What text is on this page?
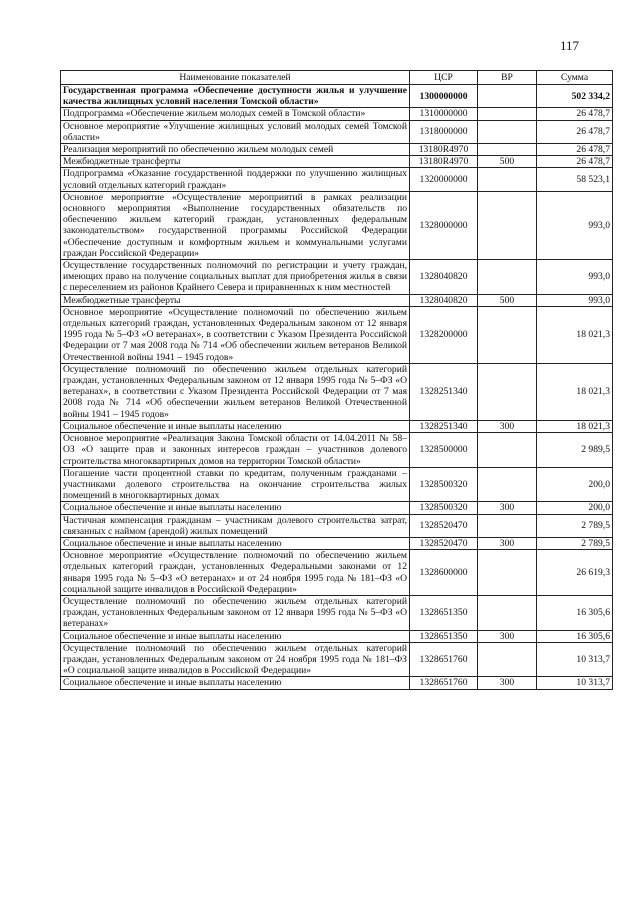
117
Наименование показателей	ЦСР	ВР	Сумма
Государственная программа «Обеспечение доступности жилья и улучшение качества жилищных условий населения Томской области»	1300000000		502 334,2
Подпрограмма «Обеспечение жильем молодых семей в Томской области»	1310000000		26 478,7
Основное мероприятие «Улучшение жилищных условий молодых семей Томской области»	1318000000		26 478,7
Реализация мероприятий по обеспечению жильем молодых семей	13180R4970		26 478,7
Межбюджетные трансферты	13180R4970	500	26 478,7
Подпрограмма «Оказание государственной поддержки по улучшению жилищных условий отдельных категорий граждан»	1320000000		58 523,1
Основное мероприятие «Осуществление мероприятий в рамках реализации основного мероприятия «Выполнение государственных обязательств по обеспечению жильем категорий граждан, установленных федеральным законодательством» государственной программы Российской Федерации «Обеспечение доступным и комфортным жильем и коммунальными услугами граждан Российской Федерации»	1328000000		993,0
Осуществление государственных полномочий по регистрации и учету граждан, имеющих право на получение социальных выплат для приобретения жилья в связи с переселением из районов Крайнего Севера и приравненных к ним местностей	1328040820		993,0
Межбюджетные трансферты	1328040820	500	993,0
Основное мероприятие «Осуществление полномочий по обеспечению жильем отдельных категорий граждан, установленных Федеральным законом от 12 января 1995 года № 5–ФЗ «О ветеранах», в соответствии с Указом Президента Российской Федерации от 7 мая 2008 года № 714 «Об обеспечении жильем ветеранов Великой Отечественной войны 1941 – 1945 годов»	1328200000		18 021,3
Осуществление полномочий по обеспечению жильем отдельных категорий граждан, установленных Федеральным законом от 12 января 1995 года № 5–ФЗ «О ветеранах», в соответствии с Указом Президента Российской Федерации от 7 мая 2008 года № 714 «Об обеспечении жильем ветеранов Великой Отечественной войны 1941 – 1945 годов»	1328251340		18 021,3
Социальное обеспечение и иные выплаты населению	1328251340	300	18 021,3
Основное мероприятие «Реализация Закона Томской области от 14.04.2011 № 58–ОЗ «О защите прав и законных интересов граждан – участников долевого строительства многоквартирных домов на территории Томской области»	1328500000		2 989,5
Погашение части процентной ставки по кредитам, полученным гражданами – участниками долевого строительства на окончание строительства жилых помещений в многоквартирных домах	1328500320		200,0
Социальное обеспечение и иные выплаты населению	1328500320	300	200,0
Частичная компенсация гражданам – участникам долевого строительства затрат, связанных с наймом (арендой) жилых помещений	1328520470		2 789,5
Социальное обеспечение и иные выплаты населению	1328520470	300	2 789,5
Основное мероприятие «Осуществление полномочий по обеспечению жильем отдельных категорий граждан, установленных Федеральными законами от 12 января 1995 года № 5–ФЗ «О ветеранах» и от 24 ноября 1995 года № 181–ФЗ «О социальной защите инвалидов в Российской Федерации»	1328600000		26 619,3
Осуществление полномочий по обеспечению жильем отдельных категорий граждан, установленных Федеральным законом от 12 января 1995 года № 5–ФЗ «О ветеранах»	1328651350		16 305,6
Социальное обеспечение и иные выплаты населению	1328651350	300	16 305,6
Осуществление полномочий по обеспечению жильем отдельных категорий граждан, установленных Федеральным законом от 24 ноября 1995 года № 181–ФЗ «О социальной защите инвалидов в Российской Федерации»	1328651760		10 313,7
Социальное обеспечение и иные выплаты населению	1328651760	300	10 313,7
